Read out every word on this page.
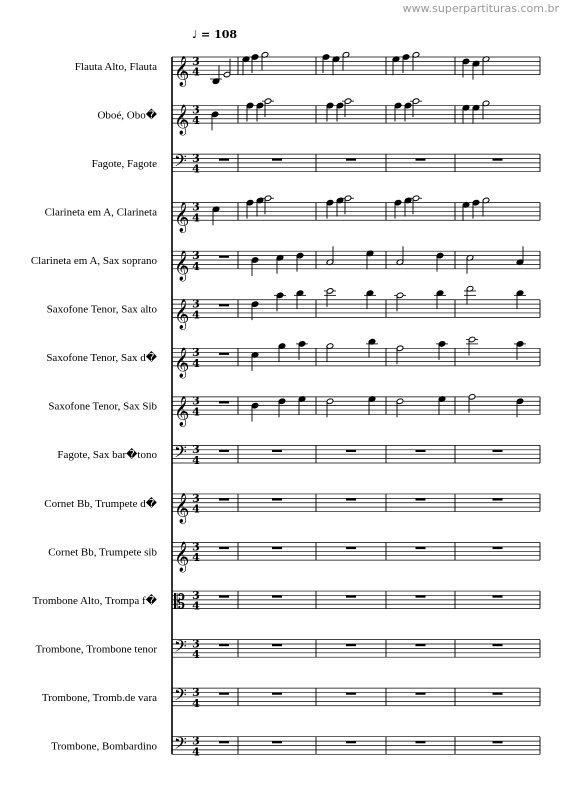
www.superpartituras.com.br
♩ = 108
Flauta Alto, Flauta 𝄞 3
4
Oboé, Obo� 𝄞 3
4
Fagote, Fagote 𝄢 3
4
Clarineta em A, Clarineta 𝄞 3
4
Clarineta em A, Sax soprano 𝄞 3
4
Saxofone Tenor, Sax alto 𝄞 3
4
Saxofone Tenor, Sax d� 𝄞 3
4
Saxofone Tenor, Sax Sib 𝄞 3
4
Fagote, Sax bar�tono 𝄢 3
4
Cornet Bb, Trumpete d� 𝄞 3
4
Cornet Bb, Trumpete sib 𝄞 3
4
Trombone Alto, Trompa f� 𝄡 3
4
Trombone, Trombone tenor 𝄢 3
4
Trombone, Tromb.de vara 𝄢 3
4
Trombone, Bombardino 𝄢 3
4
